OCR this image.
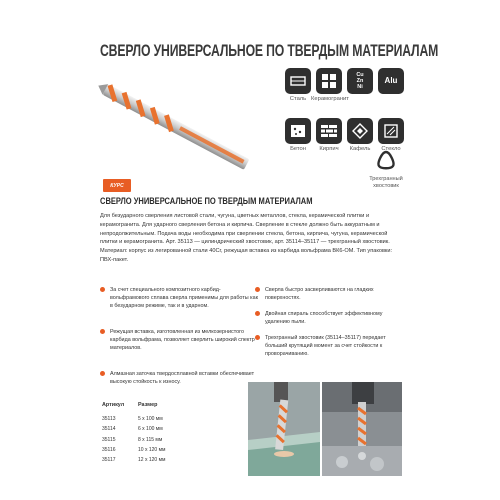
СВЕРЛО УНИВЕРСАЛЬНОЕ ПО ТВЕРДЫМ МАТЕРИАЛАМ
Сталь Керамогранит
Cu Zn Ni
Alu
Бетон	Кирпич	Кафель	Стекло
Трехгранный хвостовик
КУРС
СВЕРЛО УНИВЕРСАЛЬНОЕ ПО ТВЕРДЫМ МАТЕРИАЛАМ
Для безударного сверления листовой стали, чугуна, цветных металлов, стекла, керамической плитки и керамогранита. Для ударного сверления бетона и кирпича. Сверление в стекле должно быть аккуратным и непродолжительным. Подача воды необходима при сверлении стекла, бетона, кирпича, чугуна, керамической плитки и керамогранита. Арт. 35113 — цилиндрический хвостовик, арт. 35114–35117 — трехгранный хвостовик. Материал: корпус из легированной стали 40Cr, режущая вставка из карбида вольфрама ВК6-ОМ. Тип упаковки: ПВХ-пакет.
За счет специального композитного карбид-вольфрамового сплава сверла применимы для работы как в безударном режиме, так и в ударном.
Режущая вставка, изготовленная из мелкозернистого карбида вольфрама, позволяет сверлить широкий спектр материалов.
Алмазная заточка твердосплавной вставки обеспечивает высокую стойкость к износу.
Сверла быстро засверливаются на гладких поверхностях.
Двойная спираль способствует эффективному удалению пыли.
Трехгранный хвостовик (35114–35117) передает больший крутящий момент за счет стойкости к проворачиванию.
Артикул	Размер
35113	5 х 100 мм
35114	6 х 100 мм
35115	8 х 115 мм
35116	10 х 120 мм
35117	12 х 120 мм
